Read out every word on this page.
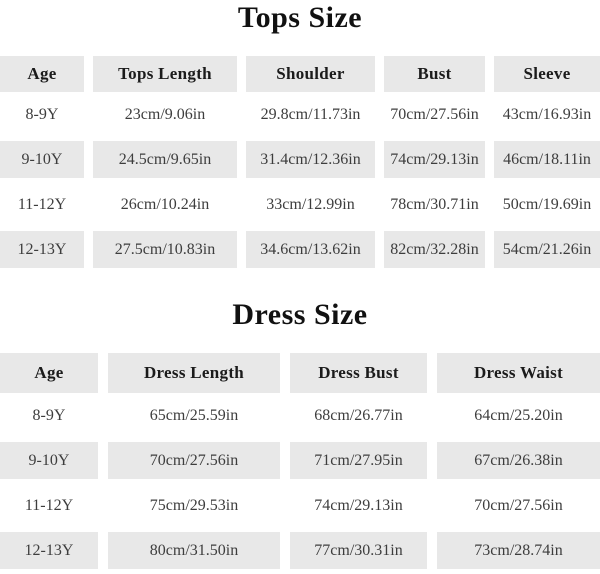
Tops Size
Age	Tops Length	Shoulder	Bust	Sleeve
8-9Y	23cm/9.06in	29.8cm/11.73in	70cm/27.56in	43cm/16.93in
9-10Y	24.5cm/9.65in	31.4cm/12.36in	74cm/29.13in	46cm/18.11in
11-12Y	26cm/10.24in	33cm/12.99in	78cm/30.71in	50cm/19.69in
12-13Y	27.5cm/10.83in	34.6cm/13.62in	82cm/32.28in	54cm/21.26in
Dress Size
Age	Dress Length	Dress Bust	Dress Waist
8-9Y	65cm/25.59in	68cm/26.77in	64cm/25.20in
9-10Y	70cm/27.56in	71cm/27.95in	67cm/26.38in
11-12Y	75cm/29.53in	74cm/29.13in	70cm/27.56in
12-13Y	80cm/31.50in	77cm/30.31in	73cm/28.74in
